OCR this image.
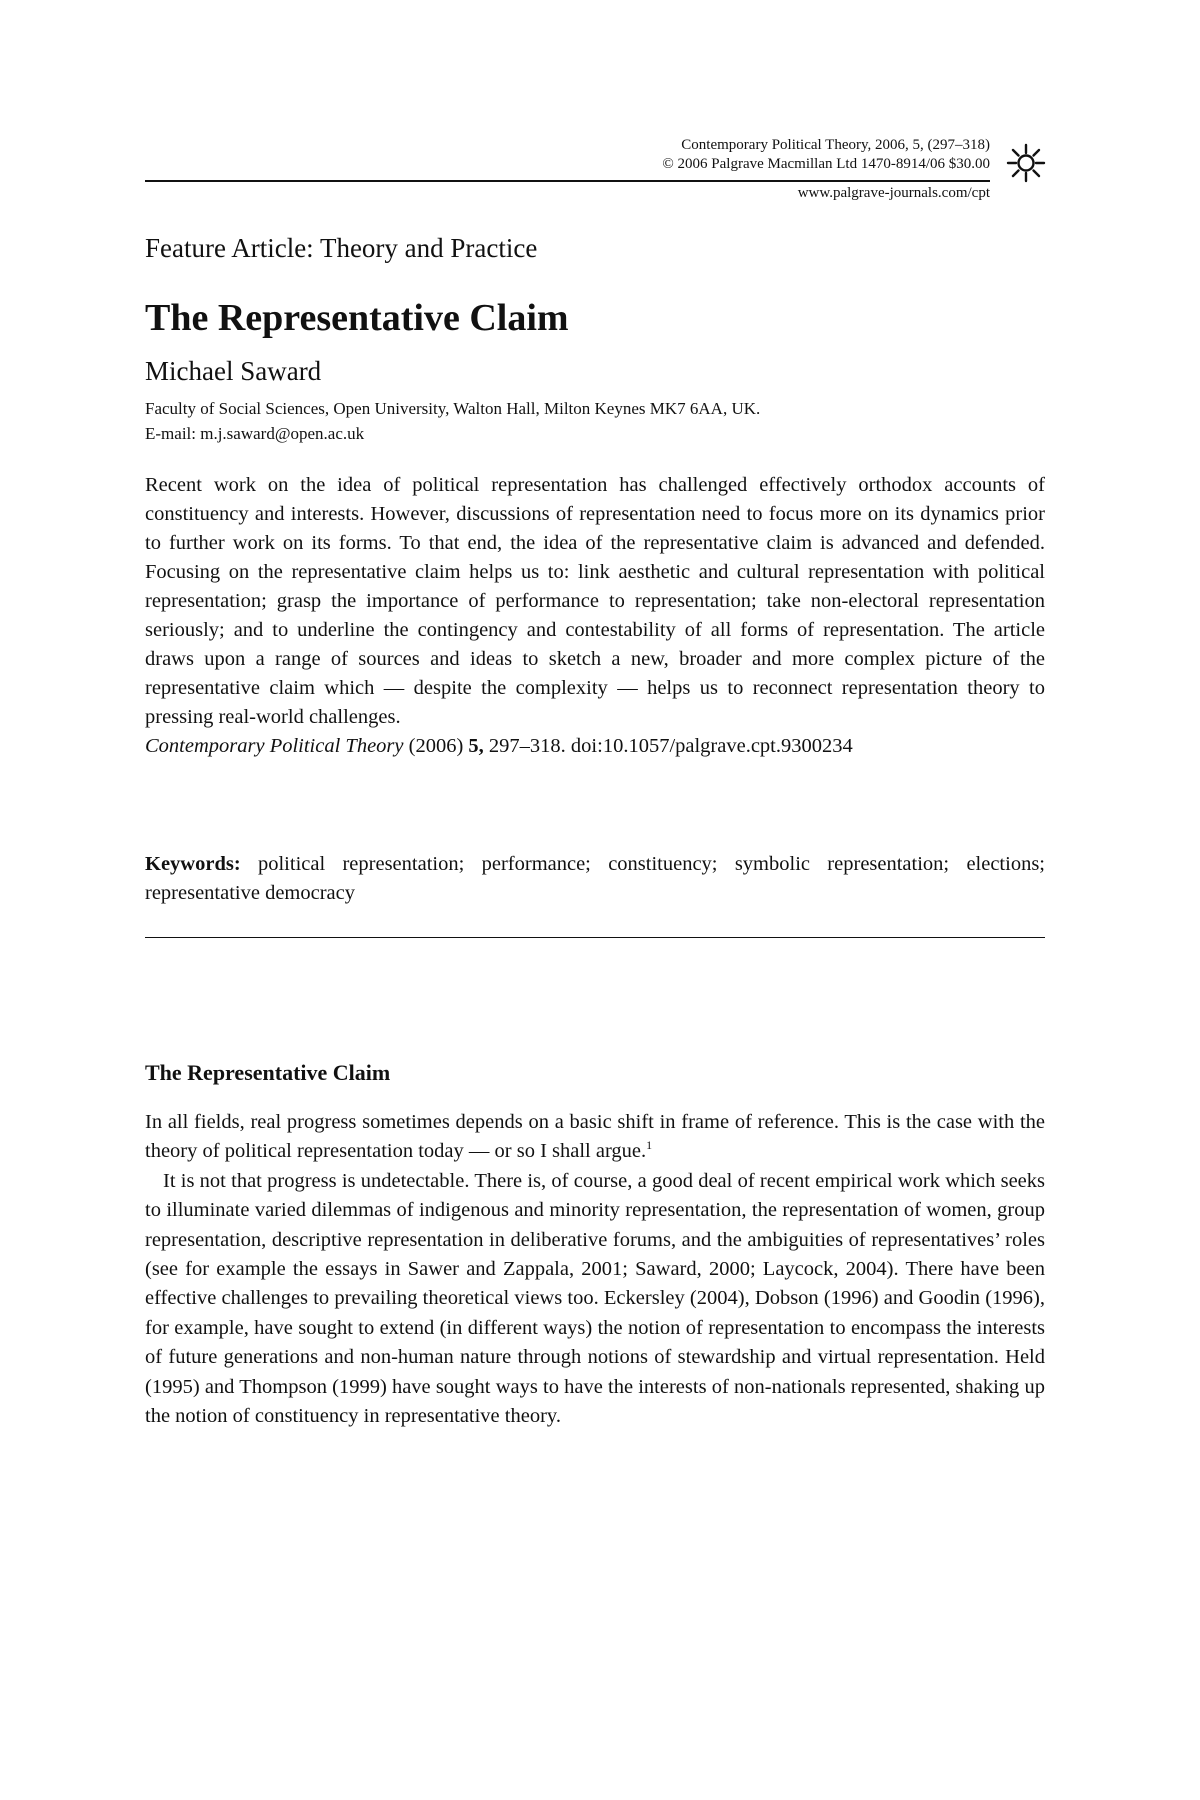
Contemporary Political Theory, 2006, 5, (297–318)
© 2006 Palgrave Macmillan Ltd 1470-8914/06 $30.00
www.palgrave-journals.com/cpt
Feature Article: Theory and Practice
The Representative Claim
Michael Saward
Faculty of Social Sciences, Open University, Walton Hall, Milton Keynes MK7 6AA, UK.
E-mail: m.j.saward@open.ac.uk

Recent work on the idea of political representation has challenged effectively orthodox accounts of constituency and interests. However, discussions of representation need to focus more on its dynamics prior to further work on its forms. To that end, the idea of the representative claim is advanced and defended. Focusing on the representative claim helps us to: link aesthetic and cultural representation with political representation; grasp the importance of performance to representation; take non-electoral representation seriously; and to underline the contingency and contestability of all forms of representation. The article draws upon a range of sources and ideas to sketch a new, broader and more complex picture of the representative claim which — despite the complexity — helps us to reconnect representation theory to pressing real-world challenges.

Contemporary Political Theory (2006) 5, 297–318. doi:10.1057/palgrave.cpt.9300234

Keywords: political representation; performance; constituency; symbolic representation; elections; representative democracy

The Representative Claim

In all fields, real progress sometimes depends on a basic shift in frame of reference. This is the case with the theory of political representation today — or so I shall argue.$^1$

It is not that progress is undetectable. There is, of course, a good deal of recent empirical work which seeks to illuminate varied dilemmas of indigenous and minority representation, the representation of women, group representation, descriptive representation in deliberative forums, and the ambiguities of representatives’ roles (see for example the essays in Sawer and Zappala, 2001; Saward, 2000; Laycock, 2004). There have been effective challenges to prevailing theoretical views too. Eckersley (2004), Dobson (1996) and Goodin (1996), for example, have sought to extend (in different ways) the notion of representation to encompass the interests of future generations and non-human nature through notions of stewardship and virtual representation. Held (1995) and Thompson (1999) have sought ways to have the interests of non-nationals represented, shaking up the notion of constituency in representative theory.
